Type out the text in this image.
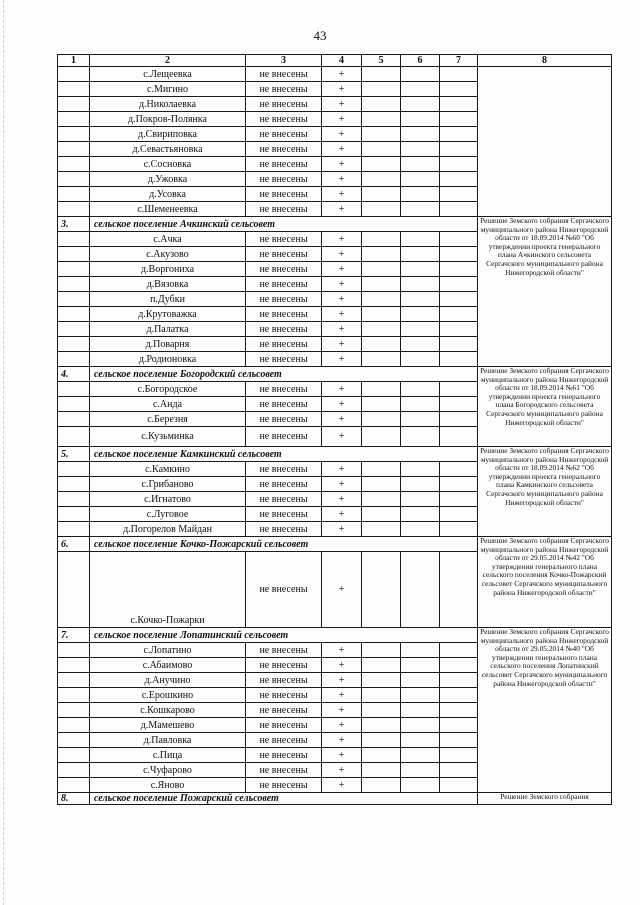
43
1	2	3	4	5	6	7	8
	с.Лещеевка	не внесены	+				
	с.Мигино	не внесены	+				
	д.Николаевка	не внесены	+				
	д.Покров-Полянка	не внесены	+				
	д.Свириповка	не внесены	+				
	д.Севастьяновка	не внесены	+				
	с.Сосновка	не внесены	+				
	д.Ужовка	не внесены	+				
	д.Усовка	не внесены	+				
	с.Шеменеевка	не внесены	+				
3.	сельское поселение Ачкинский сельсовет						Решение Земского собрания Сергачского муниципального района Нижегородской области от 18.09.2014 №60 "Об утверждении проекта генерального плана Ачкинского сельсовета Сергачского муниципального района Нижегородской области"
	с.Ачка	не внесены	+				
	с.Акузово	не внесены	+				
	д.Воргониха	не внесены	+				
	д.Вязовка	не внесены	+				
	п.Дубки	не внесены	+				
	д.Крутоважка	не внесены	+				
	д.Палатка	не внесены	+				
	д.Поварня	не внесены	+				
	д.Родионовка	не внесены	+				
4.	сельское поселение Богородский сельсовет						Решение Земского собрания Сергачского муниципального района Нижегородской области от 18.09.2014 №61 "Об утверждении проекта генерального плана Богородского сельсовета Сергачского муниципального района Нижегородской области"
	с.Богородское	не внесены	+				
	с.Анда	не внесены	+				
	с.Березня	не внесены	+				
	с.Кузьминка	не внесены	+				
5.	сельское поселение Камкинский сельсовет						Решение Земского собрания Сергачского муниципального района Нижегородской области от 18.09.2014 №62 "Об утверждении проекта генерального плана Камкинского сельсовета Сергачского муниципального района Нижегородской области"
	с.Камкино	не внесены	+				
	с.Грибаново	не внесены	+				
	с.Игнатово	не внесены	+				
	с.Луговое	не внесены	+				
	д.Погорелов Майдан	не внесены	+				
6.	сельское поселение Кочко-Пожарский сельсовет						Решение Земского собрания Сергачского муниципального района Нижегородской области от 29.05.2014 №42 "Об утверждении генерального плана сельского поселения Кочко-Пожарский сельсовет Сергачского муниципального района Нижегородской области"
	с.Кочко-Пожарки	не внесены	+				
7.	сельское поселение Лопатинский сельсовет						Решение Земского собрания Сергачского муниципального района Нижегородской области от 29.05.2014 №40 "Об утверждении генерального плана сельского поселения Лопатинский сельсовет Сергачского муниципального района Нижегородской области"
	с.Лопатино	не внесены	+				
	с.Абаимово	не внесены	+				
	д.Анучино	не внесены	+				
	с.Ерошкино	не внесены	+				
	с.Кошкарово	не внесены	+				
	д.Мамешево	не внесены	+				
	д.Павловка	не внесены	+				
	с.Пица	не внесены	+				
	с.Чуфарово	не внесены	+				
	с.Яново	не внесены	+				
8.	сельское поселение Пожарский сельсовет						Решение Земского собрания
